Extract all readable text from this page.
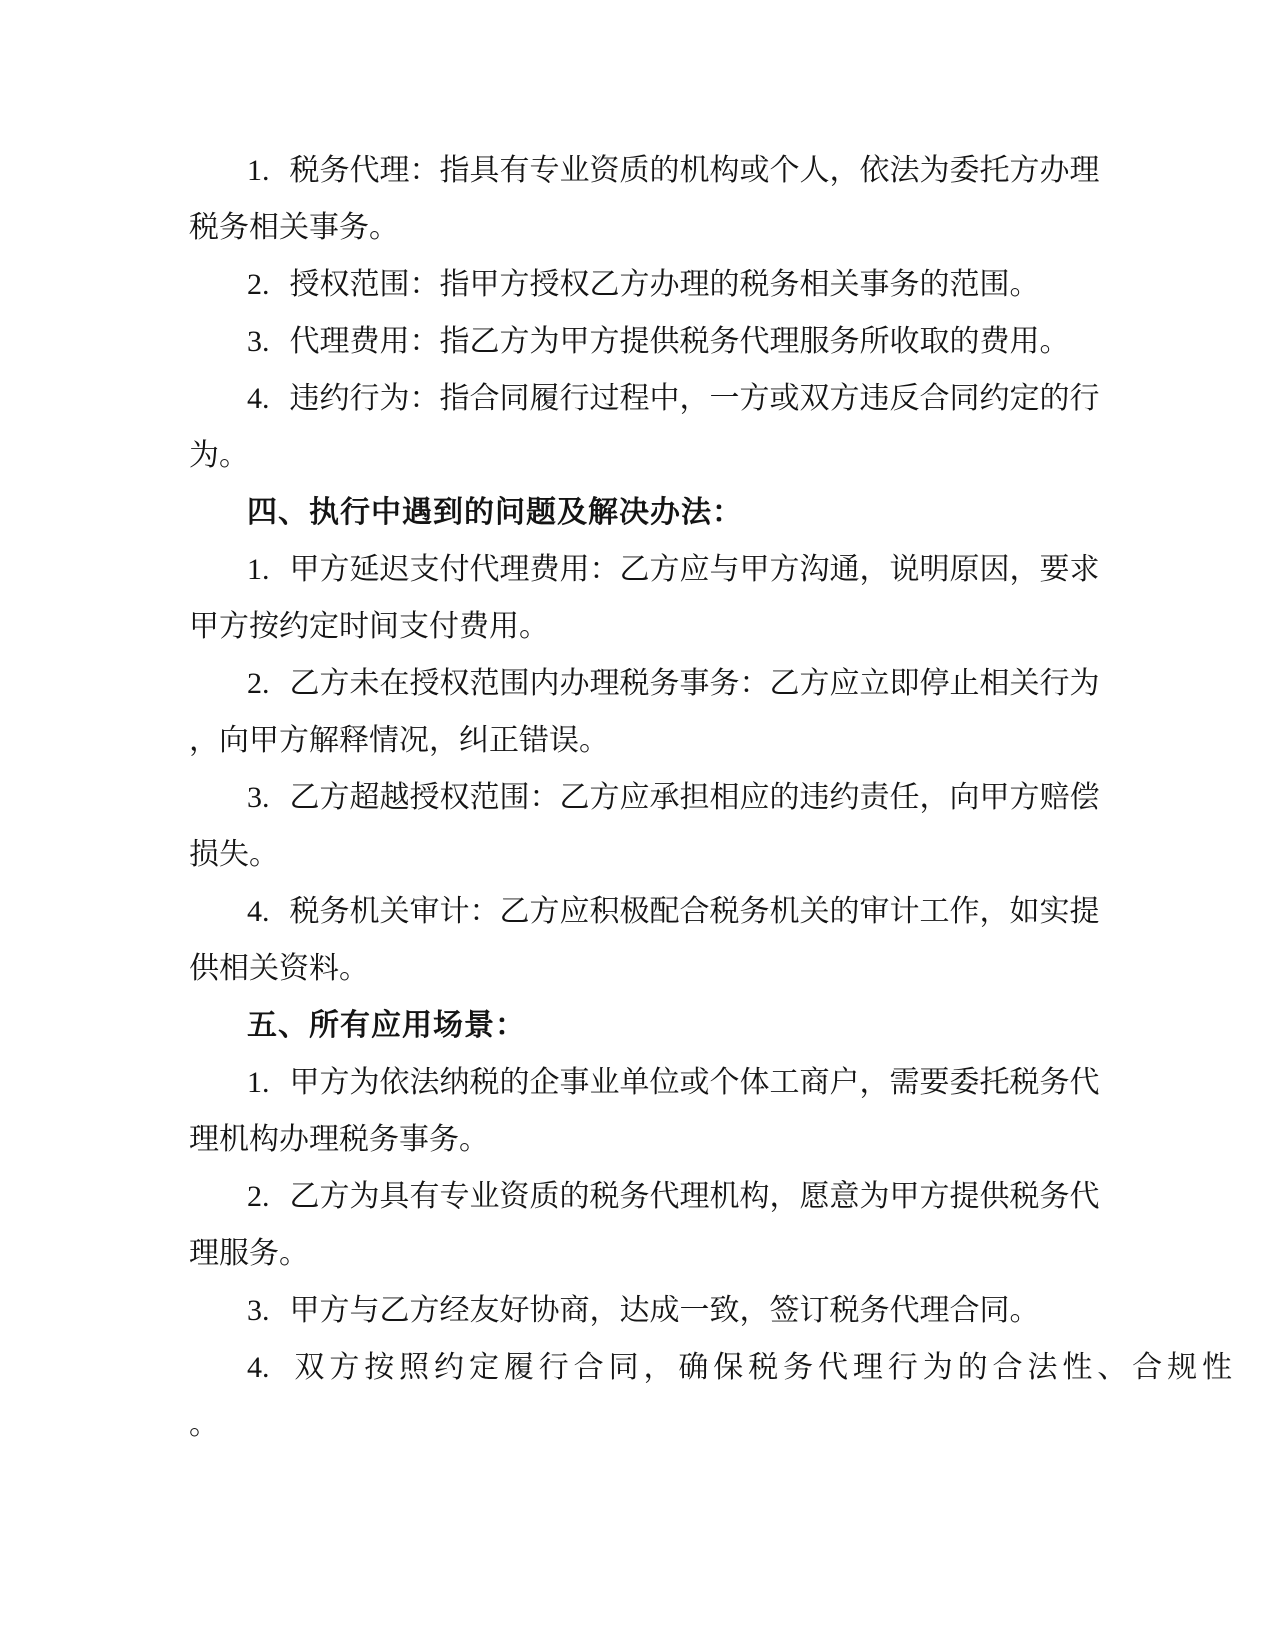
1. 税务代理：指具有专业资质的机构或个人，依法为委托方办理
税务相关事务。
2. 授权范围：指甲方授权乙方办理的税务相关事务的范围。
3. 代理费用：指乙方为甲方提供税务代理服务所收取的费用。
4. 违约行为：指合同履行过程中，一方或双方违反合同约定的行
为。
四、执行中遇到的问题及解决办法：
1. 甲方延迟支付代理费用：乙方应与甲方沟通，说明原因，要求
甲方按约定时间支付费用。
2. 乙方未在授权范围内办理税务事务：乙方应立即停止相关行为
，向甲方解释情况，纠正错误。
3. 乙方超越授权范围：乙方应承担相应的违约责任，向甲方赔偿
损失。
4. 税务机关审计：乙方应积极配合税务机关的审计工作，如实提
供相关资料。
五、所有应用场景：
1. 甲方为依法纳税的企事业单位或个体工商户，需要委托税务代
理机构办理税务事务。
2. 乙方为具有专业资质的税务代理机构，愿意为甲方提供税务代
理服务。
3. 甲方与乙方经友好协商，达成一致，签订税务代理合同。
4. 双方按照约定履行合同，确保税务代理行为的合法性、合规性
。
